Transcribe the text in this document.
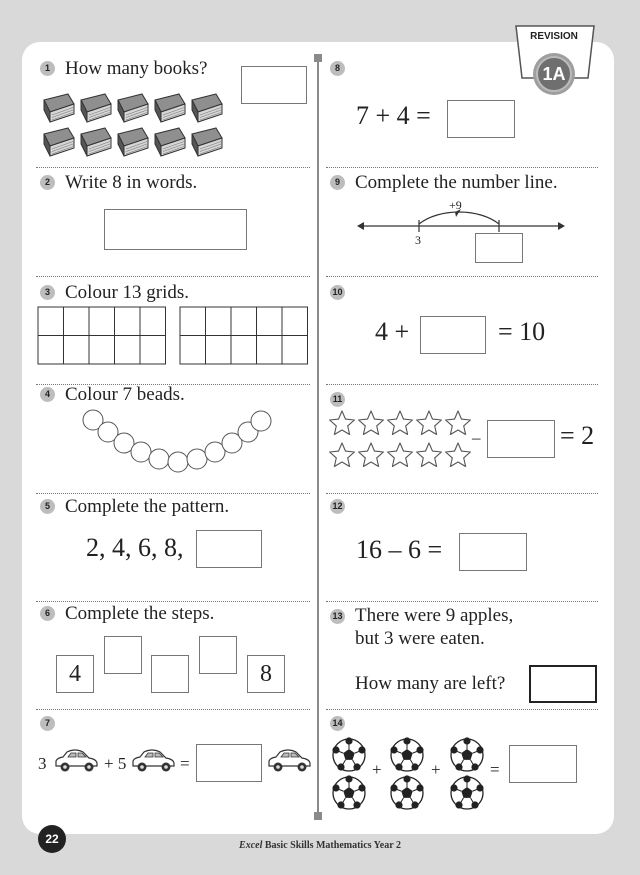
REVISION
1A
1 How many books?
2 Write 8 in words.
3 Colour 13 grids.
4 Colour 7 beads.
5 Complete the pattern.
2, 4, 6, 8,
6 Complete the steps.
4	8
7
3	+ 5	=
8
7 + 4 =
9 Complete the number line.
+9
3
10
4 +	= 10
11
–	= 2
12
16 – 6 =
13 There were 9 apples,
but 3 were eaten.
How many are left?
14
+	+	=
22	Excel Basic Skills Mathematics Year 2
